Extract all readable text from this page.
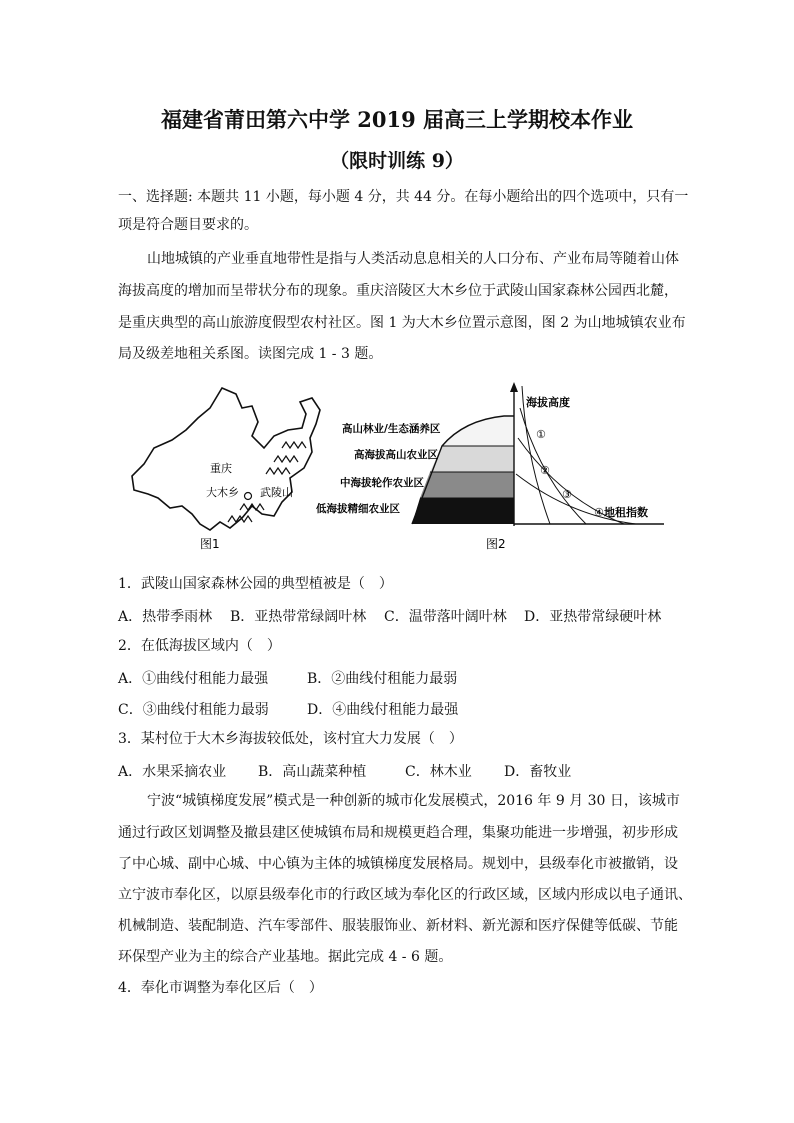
福建省莆田第六中学 2019 届高三上学期校本作业
（限时训练 9）
一、选择题: 本题共 11 小题，每小题 4 分，共 44 分。在每小题给出的四个选项中，只有一
项是符合题目要求的。
山地城镇的产业垂直地带性是指与人类活动息息相关的人口分布、产业布局等随着山体
海拔高度的增加而呈带状分布的现象。重庆涪陵区大木乡位于武陵山国家森林公园西北麓，
是重庆典型的高山旅游度假型农村社区。图 1 为大木乡位置示意图，图 2 为山地城镇农业布
局及级差地租关系图。读图完成 1 - 3 题。
重庆
大木乡 武陵山
图1
海拔高度
地租指数
高山林业/生态涵养区
高海拔高山农业区
中海拔轮作农业区
低海拔精细农业区
①
②
③
④
图2
1．武陵山国家森林公园的典型植被是（　）
A．热带季雨林 B．亚热带常绿阔叶林 C．温带落叶阔叶林 D．亚热带常绿硬叶林
2．在低海拔区域内（　）
A．①曲线付租能力最强	B．②曲线付租能力最弱
C．③曲线付租能力最弱	D．④曲线付租能力最强
3．某村位于大木乡海拔较低处，该村宜大力发展（　）
A．水果采摘农业 B．高山蔬菜种植	C．林木业 D．畜牧业
宁波“城镇梯度发展”模式是一种创新的城市化发展模式，2016 年 9 月 30 日，该城市
通过行政区划调整及撤县建区使城镇布局和规模更趋合理，集聚功能进一步增强，初步形成
了中心城、副中心城、中心镇为主体的城镇梯度发展格局。规划中，县级奉化市被撤销，设
立宁波市奉化区，以原县级奉化市的行政区域为奉化区的行政区域，区域内形成以电子通讯、
机械制造、装配制造、汽车零部件、服装服饰业、新材料、新光源和医疗保健等低碳、节能
环保型产业为主的综合产业基地。据此完成 4 - 6 题。
4．奉化市调整为奉化区后（　）
